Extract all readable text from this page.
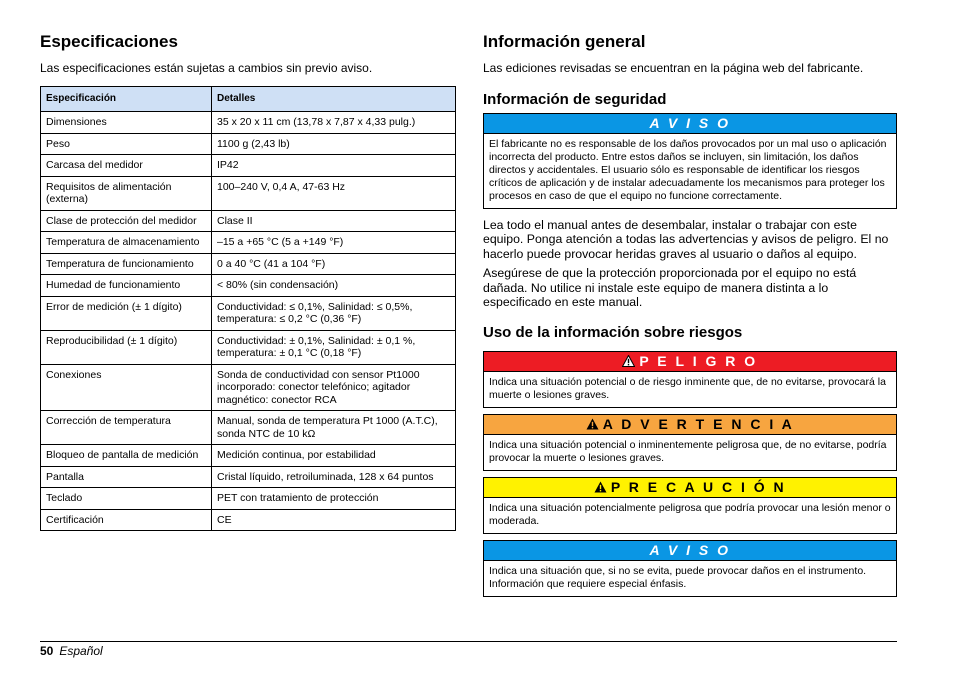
Especificaciones

Las especificaciones están sujetas a cambios sin previo aviso.

Especificación	Detalles
Dimensiones	35 x 20 x 11 cm (13,78 x 7,87 x 4,33 pulg.)
Peso	1100 g (2,43 lb)
Carcasa del medidor	IP42
Requisitos de alimentación (externa)	100–240 V, 0,4 A, 47-63 Hz
Clase de protección del medidor	Clase II
Temperatura de almacenamiento	–15 a +65 °C (5 a +149 °F)
Temperatura de funcionamiento	0 a 40 °C (41 a 104 °F)
Humedad de funcionamiento	< 80% (sin condensación)
Error de medición (± 1 dígito)	Conductividad: ≤ 0,1%, Salinidad: ≤ 0,5%, temperatura: ≤ 0,2 °C (0,36 °F)
Reproducibilidad (± 1 dígito)	Conductividad: ± 0,1%, Salinidad: ± 0,1 %, temperatura: ± 0,1 °C (0,18 °F)
Conexiones	Sonda de conductividad con sensor Pt1000 incorporado: conector telefónico; agitador magnético: conector RCA
Corrección de temperatura	Manual, sonda de temperatura Pt 1000 (A.T.C), sonda NTC de 10 kΩ
Bloqueo de pantalla de medición	Medición continua, por estabilidad
Pantalla	Cristal líquido, retroiluminada, 128 x 64 puntos
Teclado	PET con tratamiento de protección
Certificación	CE
Información general

Las ediciones revisadas se encuentran en la página web del fabricante.

Información de seguridad
A V I S O
El fabricante no es responsable de los daños provocados por un mal uso o aplicación incorrecta del producto. Entre estos daños se incluyen, sin limitación, los daños directos y accidentales. El usuario sólo es responsable de identificar los riesgos críticos de aplicación y de instalar adecuadamente los mecanismos para proteger los procesos en caso de que el equipo no funcione correctamente.

Lea todo el manual antes de desembalar, instalar o trabajar con este equipo. Ponga atención a todas las advertencias y avisos de peligro. El no hacerlo puede provocar heridas graves al usuario o daños al equipo.

Asegúrese de que la protección proporcionada por el equipo no está dañada. No utilice ni instale este equipo de manera distinta a lo especificado en este manual.

Uso de la información sobre riesgos
P E L I G R O
Indica una situación potencial o de riesgo inminente que, de no evitarse, provocará la muerte o lesiones graves.
A D V E R T E N C I A
Indica una situación potencial o inminentemente peligrosa que, de no evitarse, podría provocar la muerte o lesiones graves.
P R E C A U C I Ó N
Indica una situación potencialmente peligrosa que podría provocar una lesión menor o moderada.
A V I S O
Indica una situación que, si no se evita, puede provocar daños en el instrumento. Información que requiere especial énfasis.
50 Español
